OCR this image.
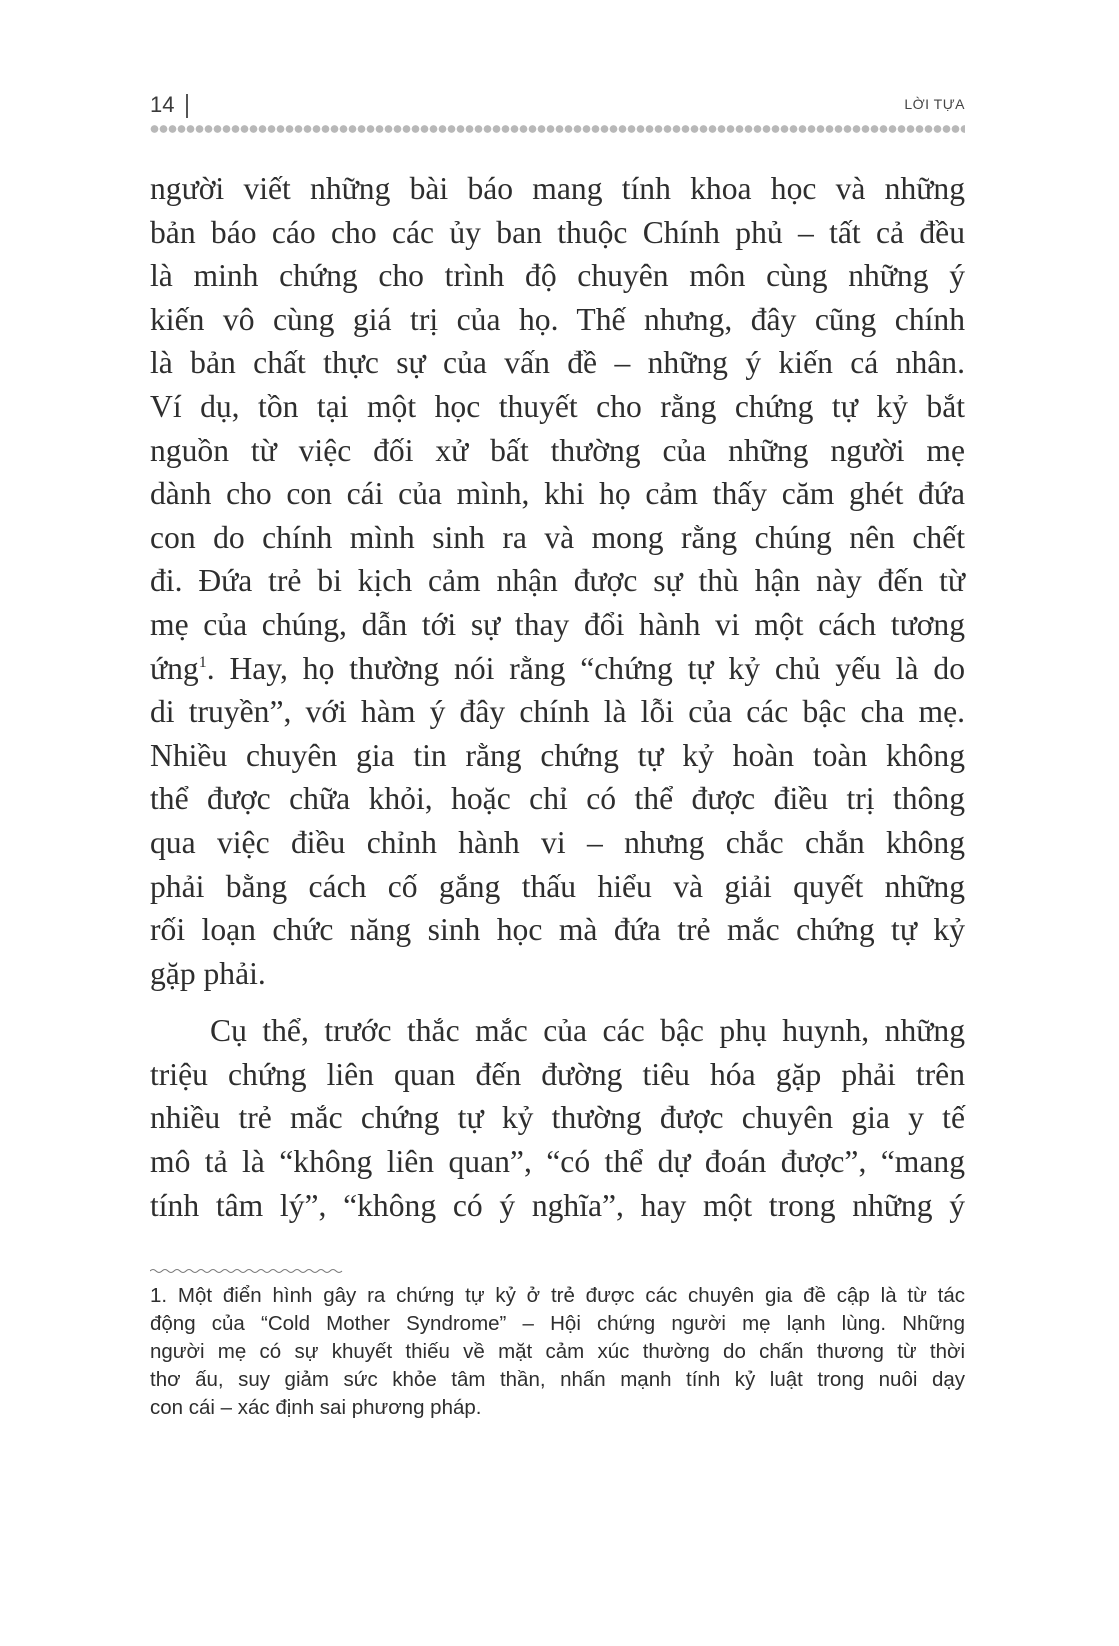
14	LỜI TỰA
người viết những bài báo mang tính khoa học và những
bản báo cáo cho các ủy ban thuộc Chính phủ – tất cả đều
là minh chứng cho trình độ chuyên môn cùng những ý
kiến vô cùng giá trị của họ. Thế nhưng, đây cũng chính
là bản chất thực sự của vấn đề – những ý kiến cá nhân.
Ví dụ, tồn tại một học thuyết cho rằng chứng tự kỷ bắt
nguồn từ việc đối xử bất thường của những người mẹ
dành cho con cái của mình, khi họ cảm thấy căm ghét đứa
con do chính mình sinh ra và mong rằng chúng nên chết
đi. Đứa trẻ bi kịch cảm nhận được sự thù hận này đến từ
mẹ của chúng, dẫn tới sự thay đổi hành vi một cách tương
ứng$^1$. Hay, họ thường nói rằng “chứng tự kỷ chủ yếu là do
di truyền”, với hàm ý đây chính là lỗi của các bậc cha mẹ.
Nhiều chuyên gia tin rằng chứng tự kỷ hoàn toàn không
thể được chữa khỏi, hoặc chỉ có thể được điều trị thông
qua việc điều chỉnh hành vi – nhưng chắc chắn không
phải bằng cách cố gắng thấu hiểu và giải quyết những
rối loạn chức năng sinh học mà đứa trẻ mắc chứng tự kỷ
gặp phải.
Cụ thể, trước thắc mắc của các bậc phụ huynh, những
triệu chứng liên quan đến đường tiêu hóa gặp phải trên
nhiều trẻ mắc chứng tự kỷ thường được chuyên gia y tế
mô tả là “không liên quan”, “có thể dự đoán được”, “mang
tính tâm lý”, “không có ý nghĩa”, hay một trong những ý
1. Một điển hình gây ra chứng tự kỷ ở trẻ được các chuyên gia đề cập là từ tác
động của “Cold Mother Syndrome” – Hội chứng người mẹ lạnh lùng. Những
người mẹ có sự khuyết thiếu về mặt cảm xúc thường do chấn thương từ thời
thơ ấu, suy giảm sức khỏe tâm thần, nhấn mạnh tính kỷ luật trong nuôi dạy
con cái – xác định sai phương pháp.
